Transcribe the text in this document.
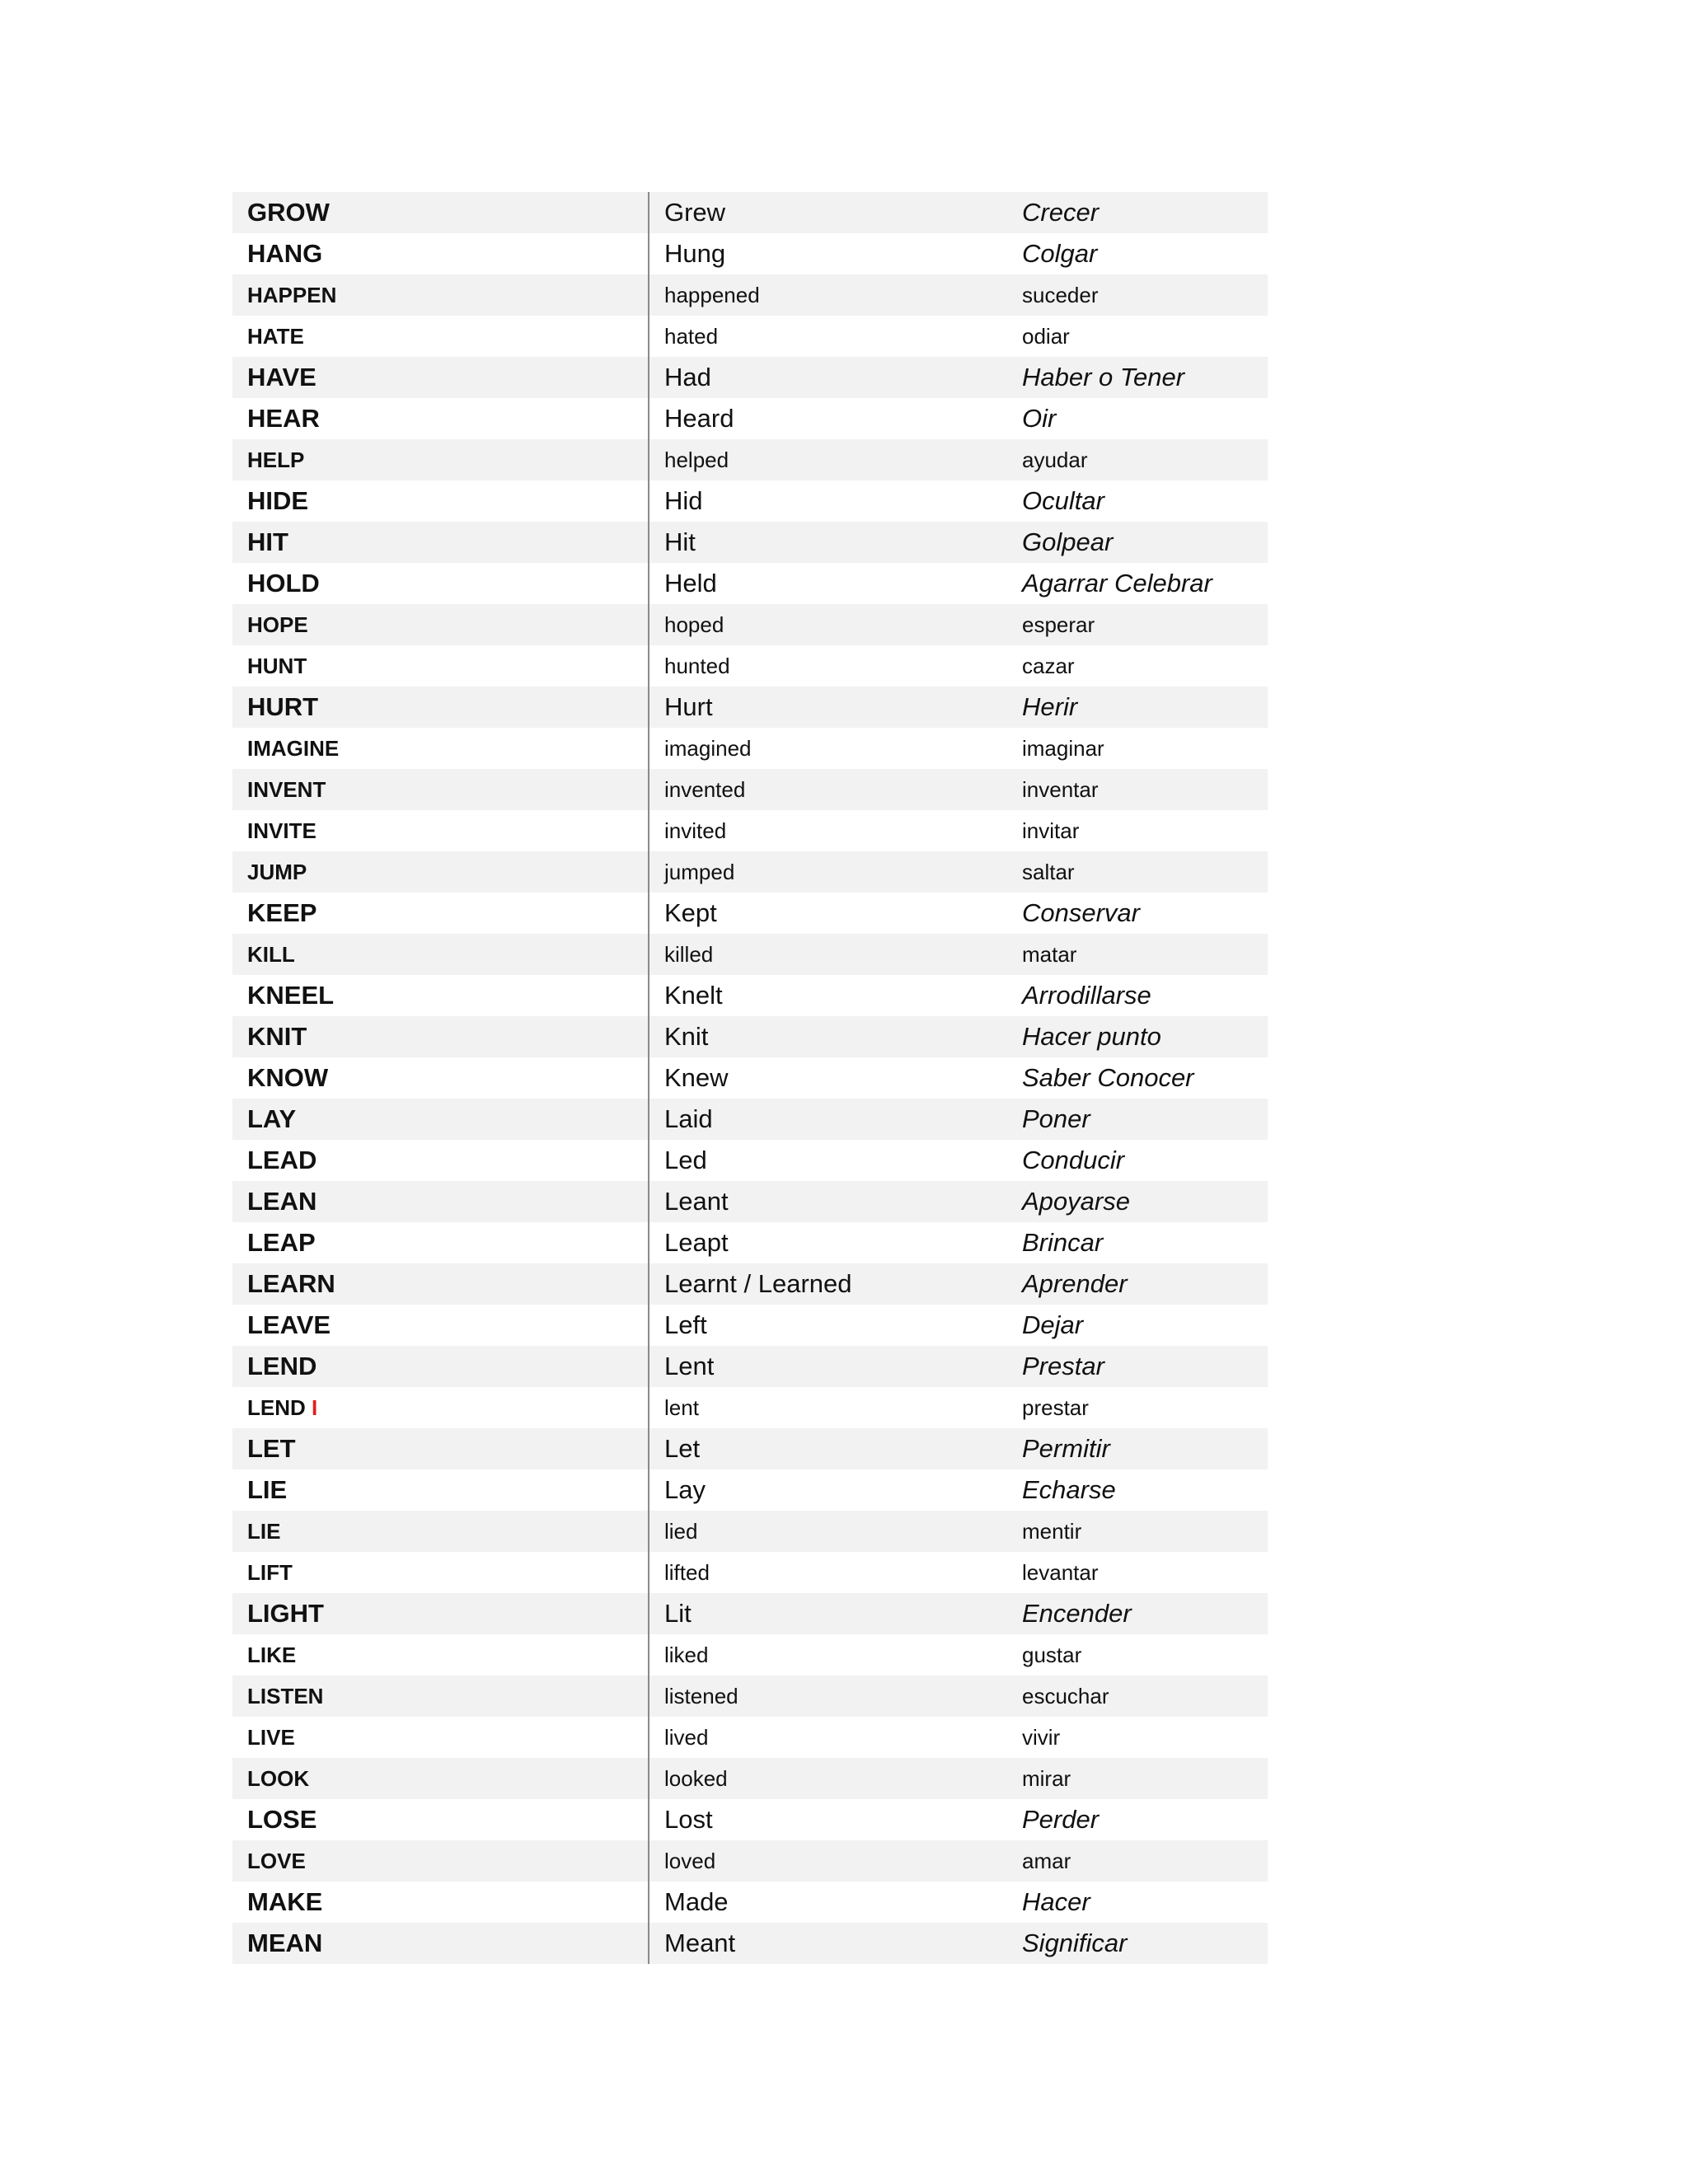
GROW	Grew	Crecer
HANG	Hung	Colgar
HAPPEN	happened	suceder
HATE	hated	odiar
HAVE	Had	Haber o Tener
HEAR	Heard	Oir
HELP	helped	ayudar
HIDE	Hid	Ocultar
HIT	Hit	Golpear
HOLD	Held	Agarrar Celebrar
HOPE	hoped	esperar
HUNT	hunted	cazar
HURT	Hurt	Herir
IMAGINE	imagined	imaginar
INVENT	invented	inventar
INVITE	invited	invitar
JUMP	jumped	saltar
KEEP	Kept	Conservar
KILL	killed	matar
KNEEL	Knelt	Arrodillarse
KNIT	Knit	Hacer punto
KNOW	Knew	Saber Conocer
LAY	Laid	Poner
LEAD	Led	Conducir
LEAN	Leant	Apoyarse
LEAP	Leapt	Brincar
LEARN	Learnt / Learned	Aprender
LEAVE	Left	Dejar
LEND	Lent	Prestar
LEND I	lent	prestar
LET	Let	Permitir
LIE	Lay	Echarse
LIE	lied	mentir
LIFT	lifted	levantar
LIGHT	Lit	Encender
LIKE	liked	gustar
LISTEN	listened	escuchar
LIVE	lived	vivir
LOOK	looked	mirar
LOSE	Lost	Perder
LOVE	loved	amar
MAKE	Made	Hacer
MEAN	Meant	Significar
